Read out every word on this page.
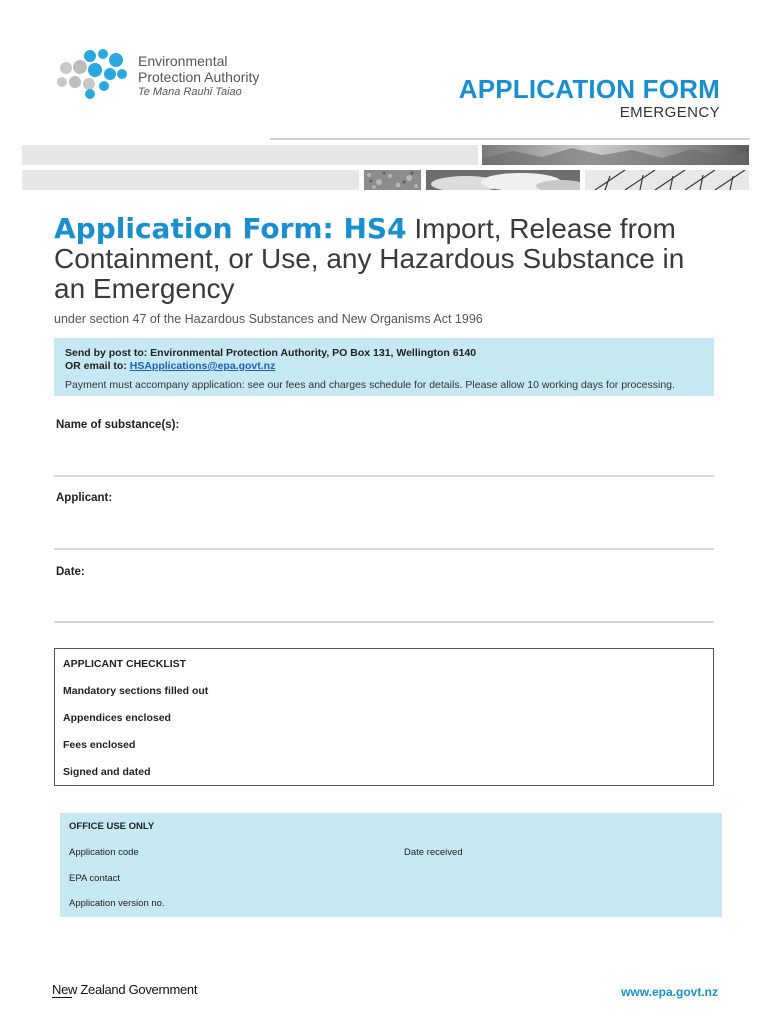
Environmental
Protection Authority
Te Mana Rauhī Taiao	APPLICATION FORM
EMERGENCY
Application Form: HS4 Import, Release from Containment, or Use, any Hazardous Substance in an Emergency
under section 47 of the Hazardous Substances and New Organisms Act 1996
Send by post to: Environmental Protection Authority, PO Box 131, Wellington 6140
OR email to: HSApplications@epa.govt.nz
Payment must accompany application: see our fees and charges schedule for details. Please allow 10 working days for processing.
Name of substance(s):
Applicant:
Date:
APPLICANT CHECKLIST
Mandatory sections filled out
Appendices enclosed
Fees enclosed
Signed and dated
OFFICE USE ONLY
Application code	Date received
EPA contact
Application version no.
New Zealand Government	www.epa.govt.nz
